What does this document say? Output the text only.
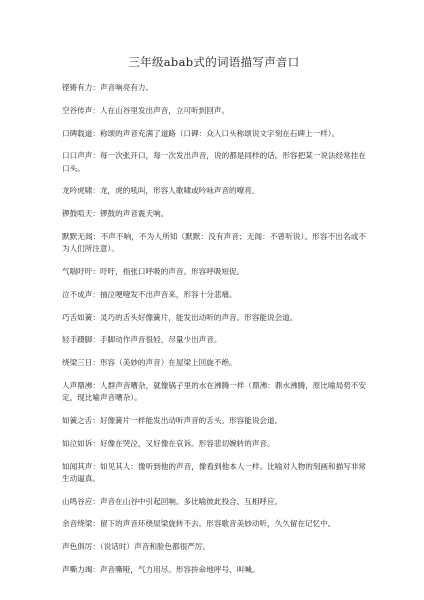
三年级abab式的词语描写声音口

铿锵有力：声音响亮有力。

空谷传声：人在山谷里发出声音，立可听到回声。

口碑载道：称颂的声音充满了道路（口碑：众人口头称颂说文字刻在石碑上一样）。

口口声声：每一次张开口，每一次发出声音，说的都是同样的话。形容把某一说法经常挂在口头。

龙吟虎啸：龙，虎的吼叫，形容人歌啸或吟咏声音的嘹亮。

锣鼓喧天：锣鼓的声音震天响。

默默无闻：不声不响，不为人所知（默默：没有声音；无闻：不曾听说）。形容不出名或不为人们所注意）。

气喘吁吁：吁吁，指张口呼吸的声音。形容呼吸短促。

泣不成声：抽泣哽噎发不出声音来，形容十分悲痛。

巧舌如簧：灵巧的舌头好像簧片，能发出动听的声音。形容能说会道。

轻手蹑脚：手脚动作声音很轻，尽量少出声音。

绕梁三日：形容（美妙的声音）在屋梁上回旋不绝。

人声鼎沸：人群声音嘈杂，就像锅子里的水在沸腾一样（鼎沸：鼎水沸腾，原比喻局势不安定，现比喻声音嘈杂）。

如簧之舌：好像簧片一样能发出动听声音的舌头。形容能说会道。

如泣如诉：好像在哭泣，又好像在哀诉。形容悲切婉转的声音。

如闻其声：如见其人：像听到他的声音，像看到他本人一样。比喻对人物的刻画和描写非常生动逼真。

山鸣谷应：声音在山谷中引起回响。多比喻彼此投合、互相呼应。

余音绕梁：留下的声音环绕屋梁旋转不去。形容歌音美妙动听，久久留在记忆中。

声色俱厉：（说话时）声音和脸色都很严厉。

声嘶力竭：声音嘶哑，气力用尽。形容拚命地呼号、叫喊。
